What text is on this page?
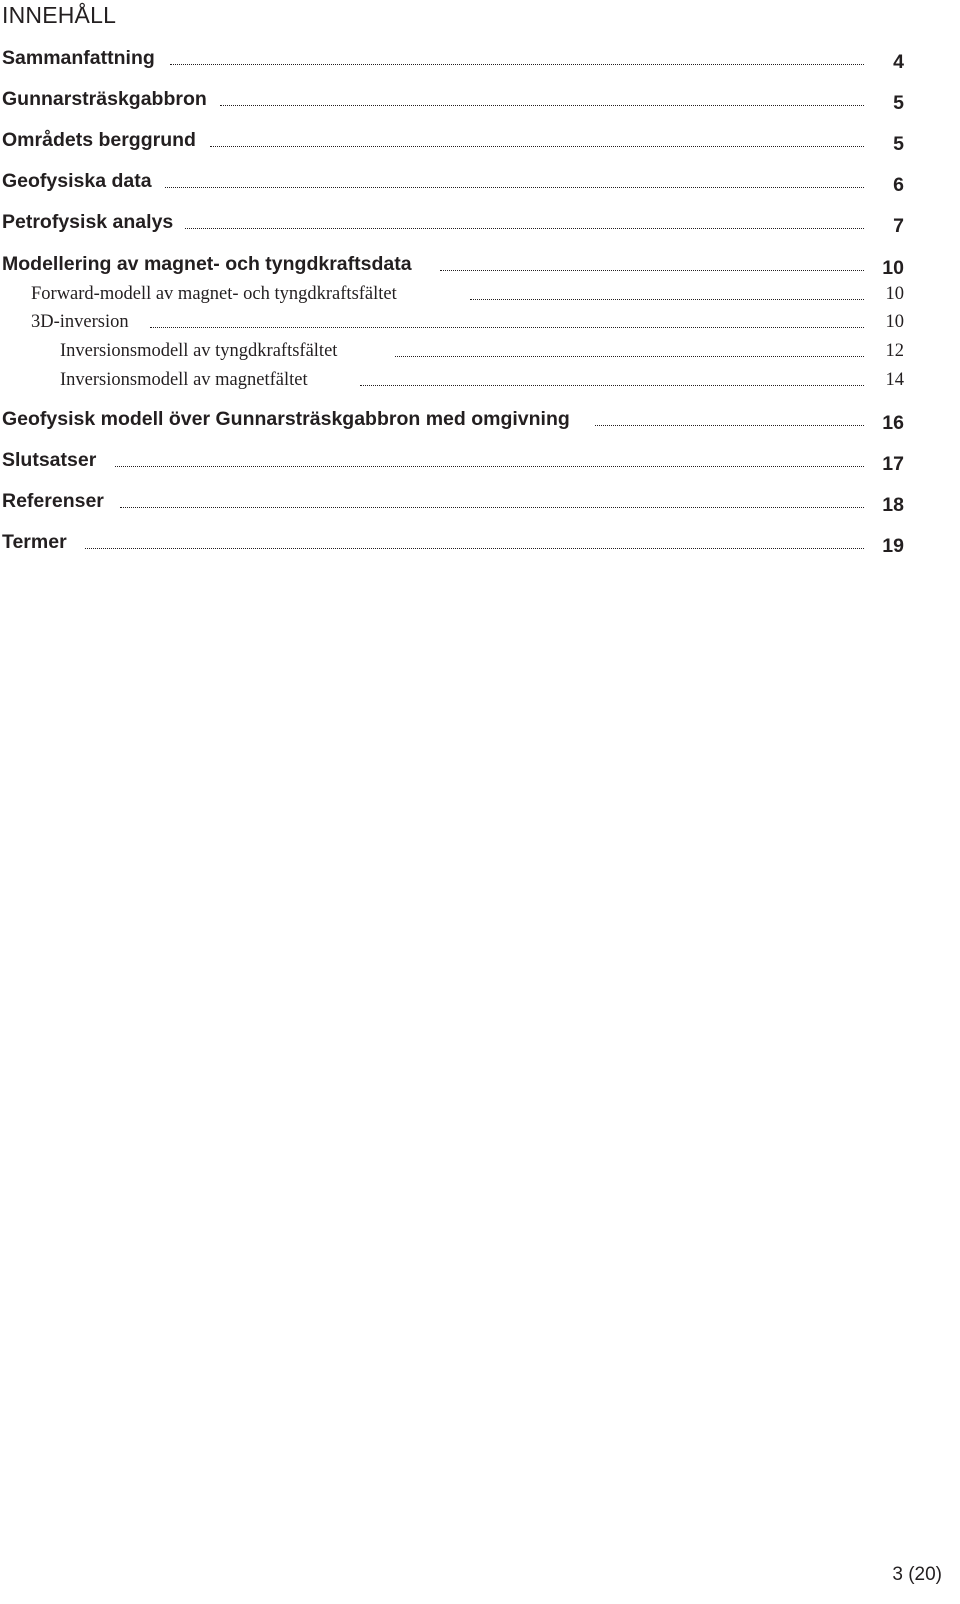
INNEHÅLL
Sammanfattning	4
Gunnarsträskgabbron	5
Områdets berggrund	5
Geofysiska data	6
Petrofysisk analys	7
Modellering av magnet- och tyngdkraftsdata	10
Forward-modell av magnet- och tyngdkraftsfältet	10
3D-inversion	10
Inversionsmodell av tyngdkraftsfältet	12
Inversionsmodell av magnetfältet	14
Geofysisk modell över Gunnarsträskgabbron med omgivning	16
Slutsatser	17
Referenser	18
Termer	19
3 (20)
